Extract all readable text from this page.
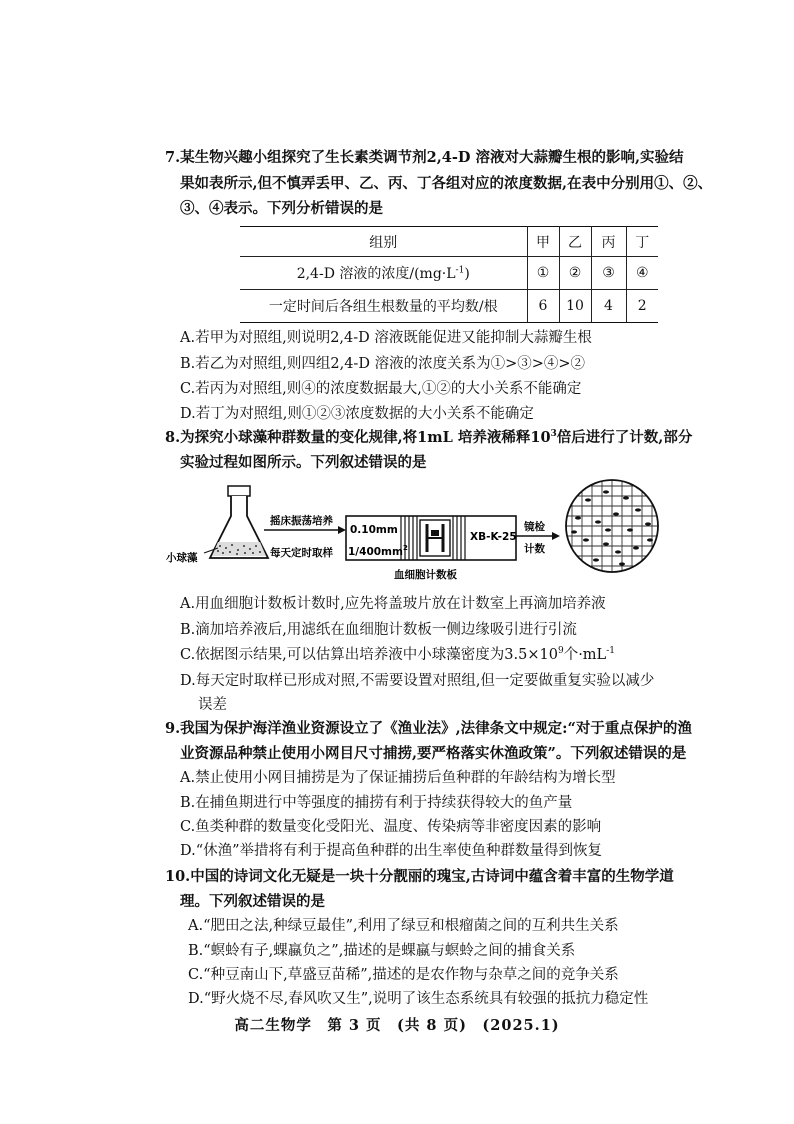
7.某生物兴趣小组探究了生长素类调节剂2,4-D 溶液对大蒜瓣生根的影响,实验结
果如表所示,但不慎弄丢甲、乙、丙、丁各组对应的浓度数据,在表中分别用①、②、
③、④表示。下列分析错误的是
组别	甲	乙	丙	丁
2,4-D 溶液的浓度$/(mg\cdot L^{-1})$	①	②	③	④
一定时间后各组生根数量的平均数/根	6	10	4	2
A.若甲为对照组,则说明2,4-D 溶液既能促进又能抑制大蒜瓣生根
B.若乙为对照组,则四组2,4-D 溶液的浓度关系为①>③>④>②
C.若丙为对照组,则④的浓度数据最大,①②的大小关系不能确定
D.若丁为对照组,则①②③浓度数据的大小关系不能确定
8.为探究小球藻种群数量的变化规律,将1mL 培养液稀释$10^3$倍后进行了计数,部分
实验过程如图所示。下列叙述错误的是
小球藻
摇床振荡培养
每天定时取样
0.10mm
$1/400mm^2$
XB-K-25
血细胞计数板
镜检
计数
A.用血细胞计数板计数时,应先将盖玻片放在计数室上再滴加培养液
B.滴加培养液后,用滤纸在血细胞计数板一侧边缘吸引进行引流
C.依据图示结果,可以估算出培养液中小球藻密度为$3.5\times 10^9$个$\cdot mL^{-1}$
D.每天定时取样已形成对照,不需要设置对照组,但一定要做重复实验以减少
误差
9.我国为保护海洋渔业资源设立了《渔业法》,法律条文中规定:“对于重点保护的渔
业资源品种禁止使用小网目尺寸捕捞,要严格落实休渔政策”。下列叙述错误的是
A.禁止使用小网目捕捞是为了保证捕捞后鱼种群的年龄结构为增长型
B.在捕鱼期进行中等强度的捕捞有利于持续获得较大的鱼产量
C.鱼类种群的数量变化受阳光、温度、传染病等非密度因素的影响
D.“休渔”举措将有利于提高鱼种群的出生率使鱼种群数量得到恢复
10.中国的诗词文化无疑是一块十分靓丽的瑰宝,古诗词中蕴含着丰富的生物学道
理。下列叙述错误的是
A.“肥田之法,种绿豆最佳”,利用了绿豆和根瘤菌之间的互利共生关系
B.“螟蛉有子,蜾蠃负之”,描述的是蜾蠃与螟蛉之间的捕食关系
C.“种豆南山下,草盛豆苗稀”,描述的是农作物与杂草之间的竞争关系
D.“野火烧不尽,春风吹又生”,说明了该生态系统具有较强的抵抗力稳定性
高二生物学　第 3 页　(共 8 页)　(2025.1)
